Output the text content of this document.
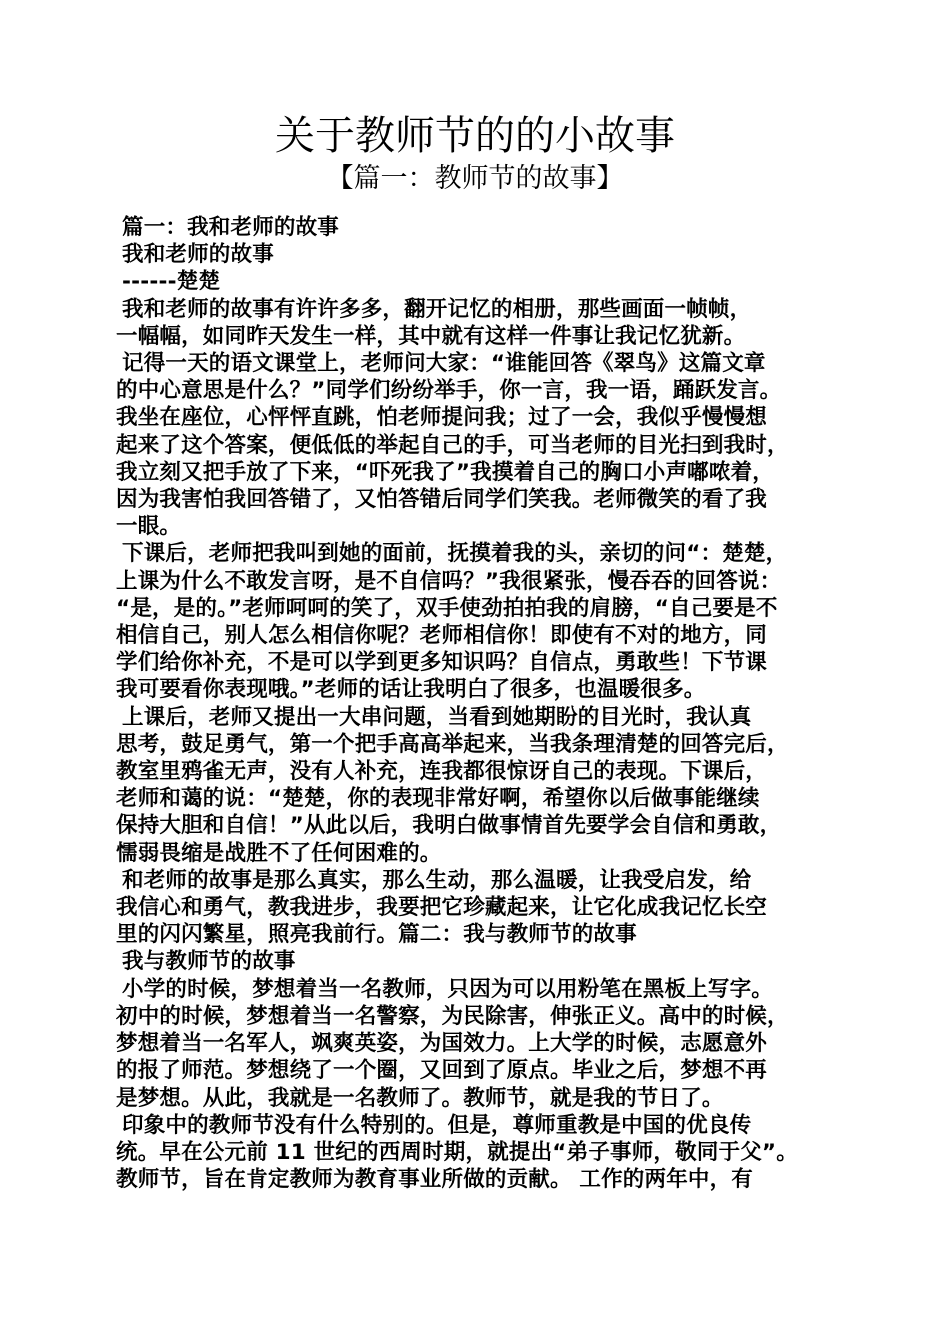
关于教师节的的小故事
【篇一：教师节的故事】
篇一：我和老师的故事
我和老师的故事
------楚楚
我和老师的故事有许许多多，翻开记忆的相册，那些画面一帧帧，
一幅幅，如同昨天发生一样，其中就有这样一件事让我记忆犹新。
记得一天的语文课堂上，老师问大家：“谁能回答《翠鸟》这篇文章
的中心意思是什么？”同学们纷纷举手，你一言，我一语，踊跃发言。
我坐在座位，心怦怦直跳，怕老师提问我；过了一会，我似乎慢慢想
起来了这个答案，便低低的举起自己的手，可当老师的目光扫到我时，
我立刻又把手放了下来，“吓死我了”我摸着自己的胸口小声嘟哝着，
因为我害怕我回答错了，又怕答错后同学们笑我。老师微笑的看了我
一眼。
下课后，老师把我叫到她的面前，抚摸着我的头，亲切的问“：楚楚，
上课为什么不敢发言呀，是不自信吗？”我很紧张，慢吞吞的回答说：
“是，是的。”老师呵呵的笑了，双手使劲拍拍我的肩膀，“自己要是不
相信自己，别人怎么相信你呢？老师相信你！即使有不对的地方，同
学们给你补充，不是可以学到更多知识吗？自信点，勇敢些！下节课
我可要看你表现哦。”老师的话让我明白了很多，也温暖很多。
上课后，老师又提出一大串问题，当看到她期盼的目光时，我认真
思考，鼓足勇气，第一个把手高高举起来，当我条理清楚的回答完后，
教室里鸦雀无声，没有人补充，连我都很惊讶自己的表现。下课后，
老师和蔼的说：“楚楚，你的表现非常好啊，希望你以后做事能继续
保持大胆和自信！”从此以后，我明白做事情首先要学会自信和勇敢，
懦弱畏缩是战胜不了任何困难的。
和老师的故事是那么真实，那么生动，那么温暖，让我受启发，给
我信心和勇气，教我进步，我要把它珍藏起来，让它化成我记忆长空
里的闪闪繁星，照亮我前行。篇二：我与教师节的故事
我与教师节的故事
小学的时候，梦想着当一名教师，只因为可以用粉笔在黑板上写字。
初中的时候，梦想着当一名警察，为民除害，伸张正义。高中的时候，
梦想着当一名军人，飒爽英姿，为国效力。上大学的时候，志愿意外
的报了师范。梦想绕了一个圈，又回到了原点。毕业之后，梦想不再
是梦想。从此，我就是一名教师了。教师节，就是我的节日了。
印象中的教师节没有什么特别的。但是，尊师重教是中国的优良传
统。早在公元前 11 世纪的西周时期，就提出“弟子事师，敬同于父”。
教师节，旨在肯定教师为教育事业所做的贡献。 工作的两年中，有
